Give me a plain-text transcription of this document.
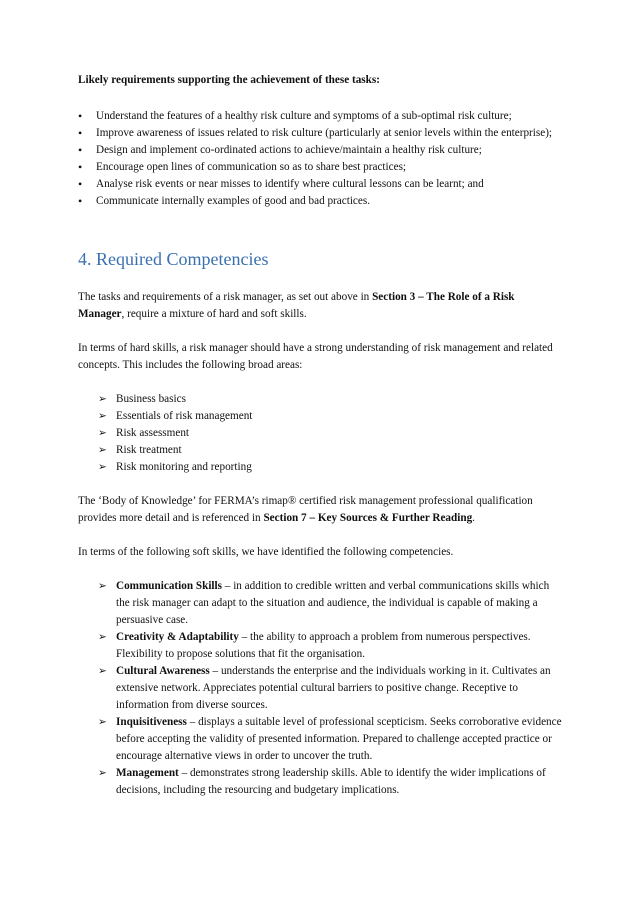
Likely requirements supporting the achievement of these tasks:

• Understand the features of a healthy risk culture and symptoms of a sub-optimal risk culture;
• Improve awareness of issues related to risk culture (particularly at senior levels within the enterprise);
• Design and implement co-ordinated actions to achieve/maintain a healthy risk culture;
• Encourage open lines of communication so as to share best practices;
• Analyse risk events or near misses to identify where cultural lessons can be learnt; and
• Communicate internally examples of good and bad practices.
4. Required Competencies

The tasks and requirements of a risk manager, as set out above in Section 3 – The Role of a Risk Manager, require a mixture of hard and soft skills.

In terms of hard skills, a risk manager should have a strong understanding of risk management and related concepts. This includes the following broad areas:

➢ Business basics
➢ Essentials of risk management
➢ Risk assessment
➢ Risk treatment
➢ Risk monitoring and reporting

The ‘Body of Knowledge’ for FERMA’s rimap® certified risk management professional qualification provides more detail and is referenced in Section 7 – Key Sources & Further Reading.

In terms of the following soft skills, we have identified the following competencies.

➢ Communication Skills – in addition to credible written and verbal communications skills which the risk manager can adapt to the situation and audience, the individual is capable of making a persuasive case.
➢ Creativity & Adaptability – the ability to approach a problem from numerous perspectives. Flexibility to propose solutions that fit the organisation.
➢ Cultural Awareness – understands the enterprise and the individuals working in it. Cultivates an extensive network. Appreciates potential cultural barriers to positive change. Receptive to information from diverse sources.
➢ Inquisitiveness – displays a suitable level of professional scepticism. Seeks corroborative evidence before accepting the validity of presented information. Prepared to challenge accepted practice or encourage alternative views in order to uncover the truth.
➢ Management – demonstrates strong leadership skills. Able to identify the wider implications of decisions, including the resourcing and budgetary implications.
